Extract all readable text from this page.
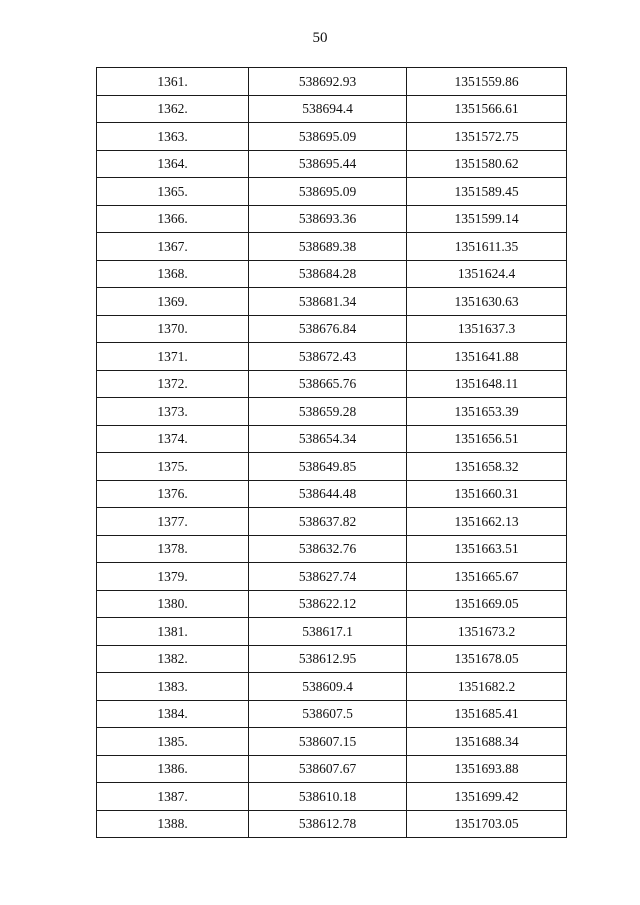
50
1361.	538692.93	1351559.86
1362.	538694.4	1351566.61
1363.	538695.09	1351572.75
1364.	538695.44	1351580.62
1365.	538695.09	1351589.45
1366.	538693.36	1351599.14
1367.	538689.38	1351611.35
1368.	538684.28	1351624.4
1369.	538681.34	1351630.63
1370.	538676.84	1351637.3
1371.	538672.43	1351641.88
1372.	538665.76	1351648.11
1373.	538659.28	1351653.39
1374.	538654.34	1351656.51
1375.	538649.85	1351658.32
1376.	538644.48	1351660.31
1377.	538637.82	1351662.13
1378.	538632.76	1351663.51
1379.	538627.74	1351665.67
1380.	538622.12	1351669.05
1381.	538617.1	1351673.2
1382.	538612.95	1351678.05
1383.	538609.4	1351682.2
1384.	538607.5	1351685.41
1385.	538607.15	1351688.34
1386.	538607.67	1351693.88
1387.	538610.18	1351699.42
1388.	538612.78	1351703.05
